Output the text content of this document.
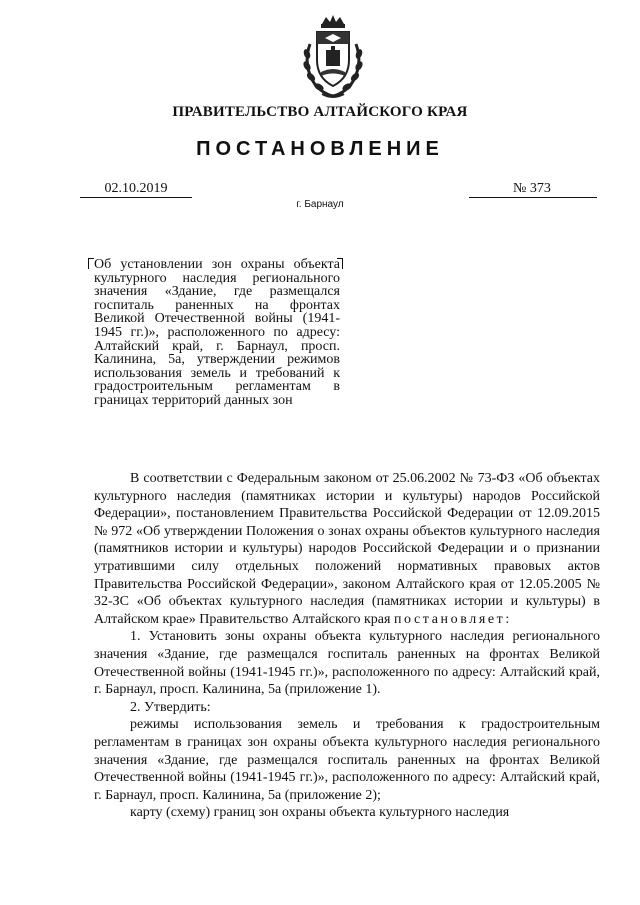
ПРАВИТЕЛЬСТВО АЛТАЙСКОГО КРАЯ
ПОСТАНОВЛЕНИЕ
02.10.2019	№ 373
г. Барнаул
Об установлении зон охраны объекта культурного наследия регионального значения «Здание, где размещался госпиталь раненных на фронтах Великой Отечественной войны (1941-1945 гг.)», расположенного по адресу: Алтайский край, г. Барнаул, просп. Калинина, 5а, утверждении режимов использования земель и требований к градостроительным регламентам в границах территорий данных зон

В соответствии с Федеральным законом от 25.06.2002 № 73-ФЗ «Об объектах культурного наследия (памятниках истории и культуры) народов Российской Федерации», постановлением Правительства Российской Федерации от 12.09.2015 № 972 «Об утверждении Положения о зонах охраны объектов культурного наследия (памятников истории и культуры) народов Российской Федерации и о признании утратившими силу отдельных положений нормативных правовых актов Правительства Российской Федерации», законом Алтайского края от 12.05.2005 № 32-ЗС «Об объектах культурного наследия (памятниках истории и культуры) в Алтайском крае» Правительство Алтайского края постановляет:

1. Установить зоны охраны объекта культурного наследия регионального значения «Здание, где размещался госпиталь раненных на фронтах Великой Отечественной войны (1941-1945 гг.)», расположенного по адресу: Алтайский край, г. Барнаул, просп. Калинина, 5а (приложение 1).

2. Утвердить:

режимы использования земель и требования к градостроительным регламентам в границах зон охраны объекта культурного наследия регионального значения «Здание, где размещался госпиталь раненных на фронтах Великой Отечественной войны (1941-1945 гг.)», расположенного по адресу: Алтайский край, г. Барнаул, просп. Калинина, 5а (приложение 2);

карту (схему) границ зон охраны объекта культурного наследия
